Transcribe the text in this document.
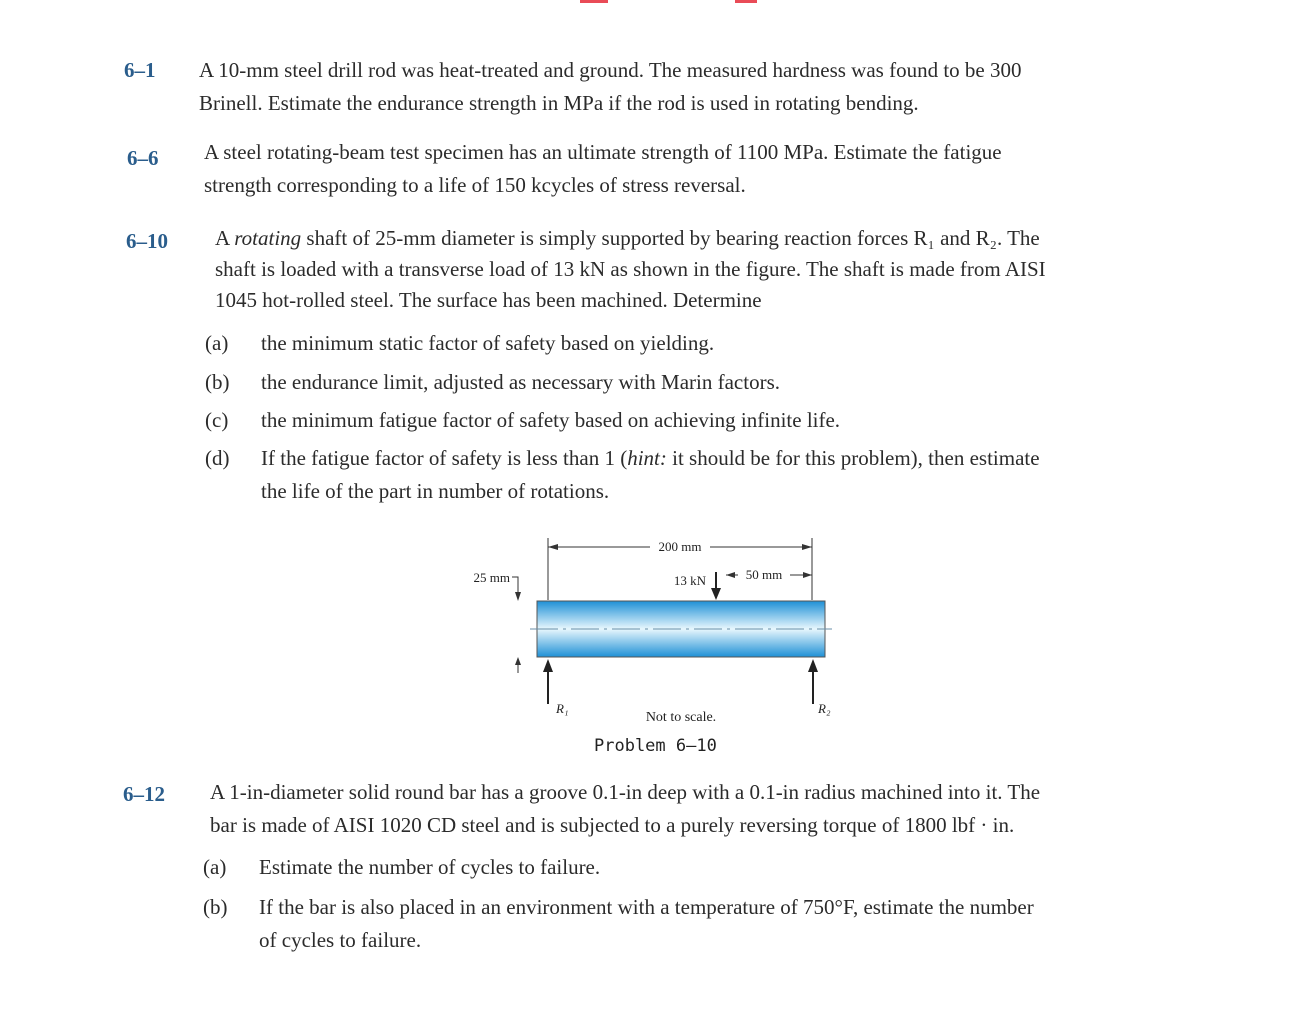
6–1 A 10-mm steel drill rod was heat-treated and ground. The measured hardness was found to be 300
Brinell. Estimate the endurance strength in MPa if the rod is used in rotating bending.
6–6 A steel rotating-beam test specimen has an ultimate strength of 1100 MPa. Estimate the fatigue
strength corresponding to a life of 150 kcycles of stress reversal.
6–10 A rotating shaft of 25-mm diameter is simply supported by bearing reaction forces R₁ and R₂. The
shaft is loaded with a transverse load of 13 kN as shown in the figure. The shaft is made from AISI
1045 hot-rolled steel. The surface has been machined. Determine
(a) the minimum static factor of safety based on yielding.
(b) the endurance limit, adjusted as necessary with Marin factors.
(c) the minimum fatigue factor of safety based on achieving infinite life.
(d) If the fatigue factor of safety is less than 1 (hint: it should be for this problem), then estimate
the life of the part in number of rotations.
200 mm
50 mm
13 kN
25 mm
R₁	R₂
Not to scale.
Problem 6–10
6–12 A 1-in-diameter solid round bar has a groove 0.1-in deep with a 0.1-in radius machined into it. The
bar is made of AISI 1020 CD steel and is subjected to a purely reversing torque of 1800 lbf · in.
(a) Estimate the number of cycles to failure.
(b) If the bar is also placed in an environment with a temperature of 750°F, estimate the number
of cycles to failure.
